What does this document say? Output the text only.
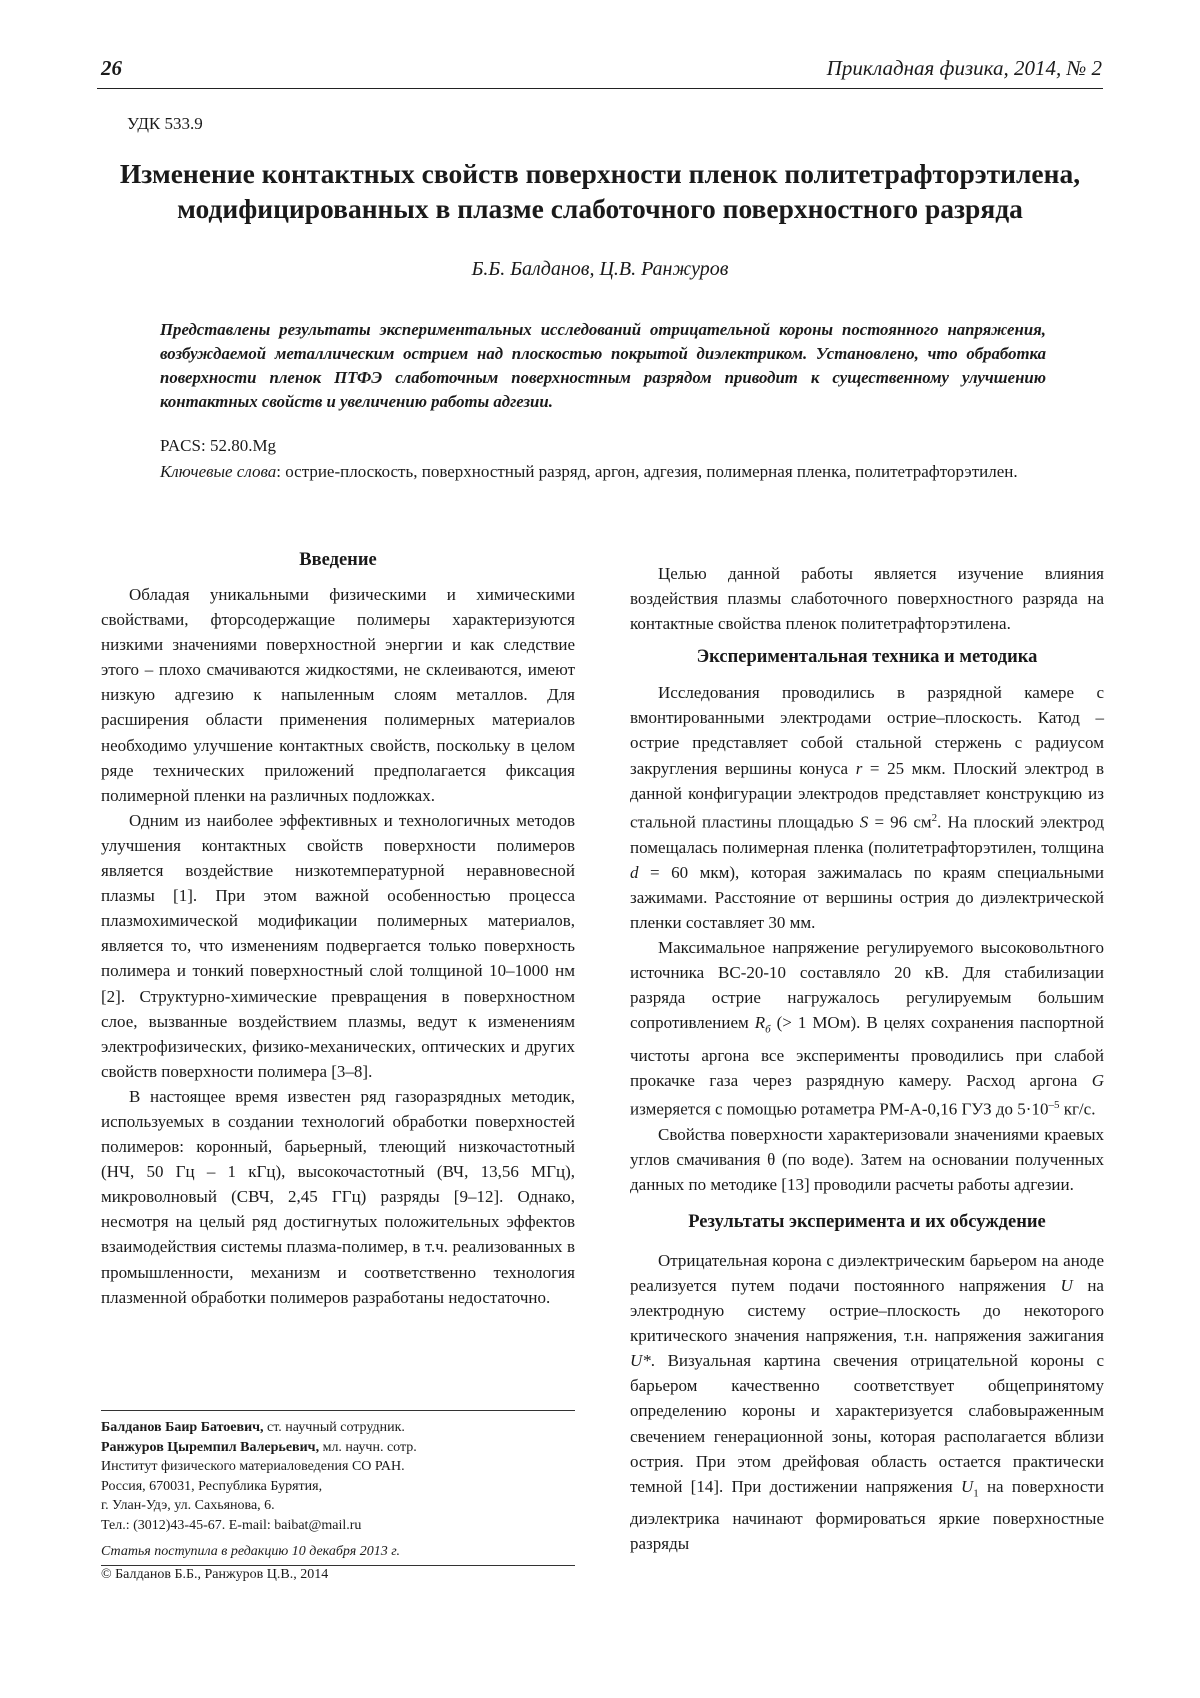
26	Прикладная физика, 2014, № 2
УДК 533.9
Изменение контактных свойств поверхности пленок политетрафторэтилена, модифицированных в плазме слаботочного поверхностного разряда
Б.Б. Балданов, Ц.В. Ранжуров
Представлены результаты экспериментальных исследований отрицательной короны постоянного напряжения, возбуждаемой металлическим острием над плоскостью покрытой диэлектриком. Установлено, что обработка поверхности пленок ПТФЭ слаботочным поверхностным разрядом приводит к существенному улучшению контактных свойств и увеличению работы адгезии.
PACS: 52.80.Mg
Ключевые слова: острие-плоскость, поверхностный разряд, аргон, адгезия, полимерная пленка, политетрафторэтилен.
Введение

Обладая уникальными физическими и химическими свойствами, фторсодержащие полимеры характеризуются низкими значениями поверхностной энергии и как следствие этого – плохо смачиваются жидкостями, не склеиваются, имеют низкую адгезию к напыленным слоям металлов. Для расширения области применения полимерных материалов необходимо улучшение контактных свойств, поскольку в целом ряде технических приложений предполагается фиксация полимерной пленки на различных подложках.

Одним из наиболее эффективных и технологичных методов улучшения контактных свойств поверхности полимеров является воздействие низкотемпературной неравновесной плазмы [1]. При этом важной особенностью процесса плазмохимической модификации полимерных материалов, является то, что изменениям подвергается только поверхность полимера и тонкий поверхностный слой толщиной 10–1000 нм [2]. Структурно-химические превращения в поверхностном слое, вызванные воздействием плазмы, ведут к изменениям электрофизических, физико-механических, оптических и других свойств поверхности полимера [3–8].

В настоящее время известен ряд газоразрядных методик, используемых в создании технологий обработки поверхностей полимеров: коронный, барьерный, тлеющий низкочастотный (НЧ, 50 Гц – 1 кГц), высокочастотный (ВЧ, 13,56 МГц), микроволновый (СВЧ, 2,45 ГГц) разряды [9–12]. Однако, несмотря на целый ряд достигнутых положительных эффектов взаимодействия системы плазма-полимер, в т.ч. реализованных в промышленности, механизм и соответственно технология плазменной обработки полимеров разработаны недостаточно.

Целью данной работы является изучение влияния воздействия плазмы слаботочного поверхностного разряда на контактные свойства пленок политетрафторэтилена.

Экспериментальная техника и методика

Исследования проводились в разрядной камере с вмонтированными электродами острие–плоскость. Катод – острие представляет собой стальной стержень с радиусом закругления вершины конуса r = 25 мкм. Плоский электрод в данной конфигурации электродов представляет конструкцию из стальной пластины площадью S = 96 $см^2$. На плоский электрод помещалась полимерная пленка (политетрафторэтилен, толщина d = 60 мкм), которая зажималась по краям специальными зажимами. Расстояние от вершины острия до диэлектрической пленки составляет 30 мм.

Максимальное напряжение регулируемого высоковольтного источника ВС-20-10 составляло 20 кВ. Для стабилизации разряда острие нагружалось регулируемым большим сопротивлением $R_б$ (> 1 МОм). В целях сохранения паспортной чистоты аргона все эксперименты проводились при слабой прокачке газа через разрядную камеру. Расход аргона G измеряется с помощью ротаметра РМ-А-0,16 ГУЗ до $5\cdot 10^{-5}$ кг/с.

Свойства поверхности характеризовали значениями краевых углов смачивания θ (по воде). Затем на основании полученных данных по методике [13] проводили расчеты работы адгезии.

Результаты эксперимента и их обсуждение

Отрицательная корона с диэлектрическим барьером на аноде реализуется путем подачи постоянного напряжения U на электродную систему острие–плоскость до некоторого критического значения напряжения, т.н. напряжения зажигания U*. Визуальная картина свечения отрицательной короны с барьером качественно соответствует общепринятому определению короны и характеризуется слабовыраженным свечением генерационной зоны, которая располагается вблизи острия. При этом дрейфовая область остается практически темной [14]. При достижении напряжения $U_1$ на поверхности диэлектрика начинают формироваться яркие поверхностные разряды

Балданов Баир Батоевич, ст. научный сотрудник.
Ранжуров Цыремпил Валерьевич, мл. научн. сотр.
Институт физического материаловедения СО РАН.
Россия, 670031, Республика Бурятия,
г. Улан-Удэ, ул. Сахьянова, 6.
Тел.: (3012)43-45-67. E-mail: baibat@mail.ru
Статья поступила в редакцию 10 декабря 2013 г.
© Балданов Б.Б., Ранжуров Ц.В., 2014
